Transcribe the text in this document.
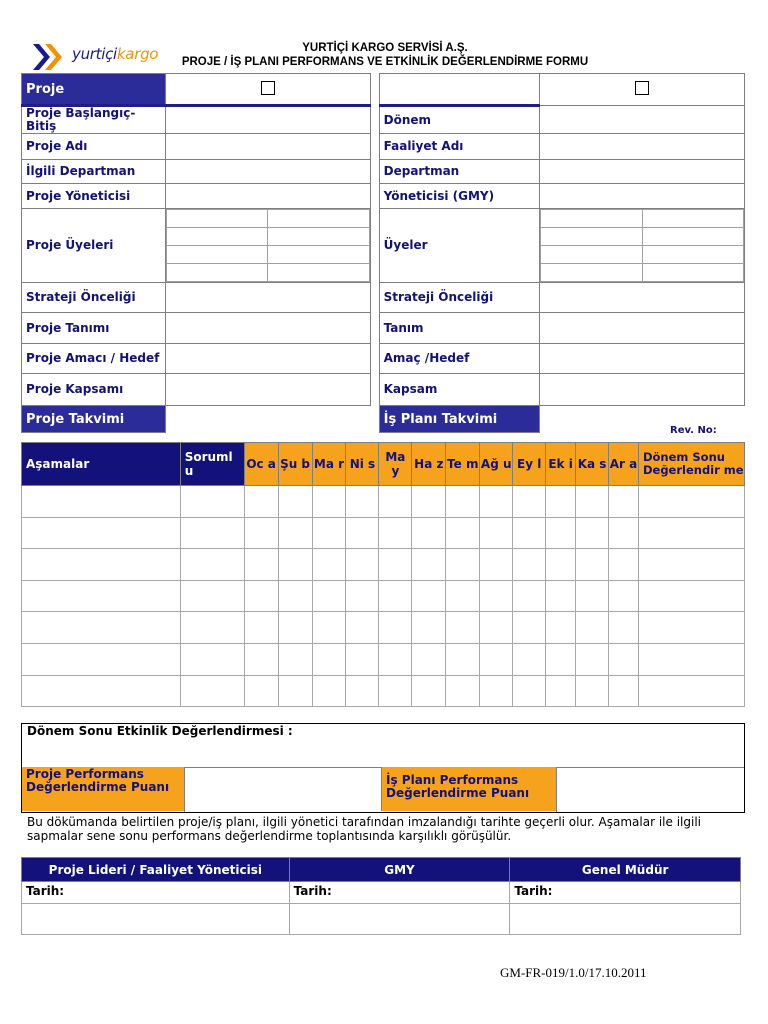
yurtiçikargo	YURTİÇİ KARGO SERVİSİ A.Ş.
PROJE / İŞ PLANI PERFORMANS VE ETKİNLİK DEĞERLENDİRME FORMU
Proje				
Proje Başlangıç-Bitiş			Dönem	
Proje Adı			Faaliyet Adı	
İlgili Departman			Departman	
Proje Yöneticisi			Yöneticisi (GMY)	
Proje Üyeleri							Üyeler	

Strateji Önceliği			Strateji Önceliği	
Proje Tanımı			Tanım	
Proje Amacı / Hedef			Amaç /Hedef	
Proje Kapsamı			Kapsam	
Proje Takvimi			İş Planı Takvimi	
Rev. No:
Aşamalar	Soruml u	Oc a	Şu b	Ma r	Ni s	Ma y	Ha z	Te m	Ağ u	Ey l	Ek i	Ka s	Ar a	Dönem Sonu Değerlendir me

Dönem Sonu Etkinlik Değerlendirmesi :
Proje Performans Değerlendirme Puanı	İş Planı Performans Değerlendirme Puanı
Bu dökümanda belirtilen proje/iş planı, ilgili yönetici tarafından imzalandığı tarihte geçerli olur. Aşamalar ile ilgili sapmalar sene sonu performans değerlendirme toplantısında karşılıklı görüşülür.
Proje Lideri / Faaliyet Yöneticisi	GMY	Genel Müdür
Tarih:	Tarih:	Tarih:

GM-FR-019/1.0/17.10.2011
